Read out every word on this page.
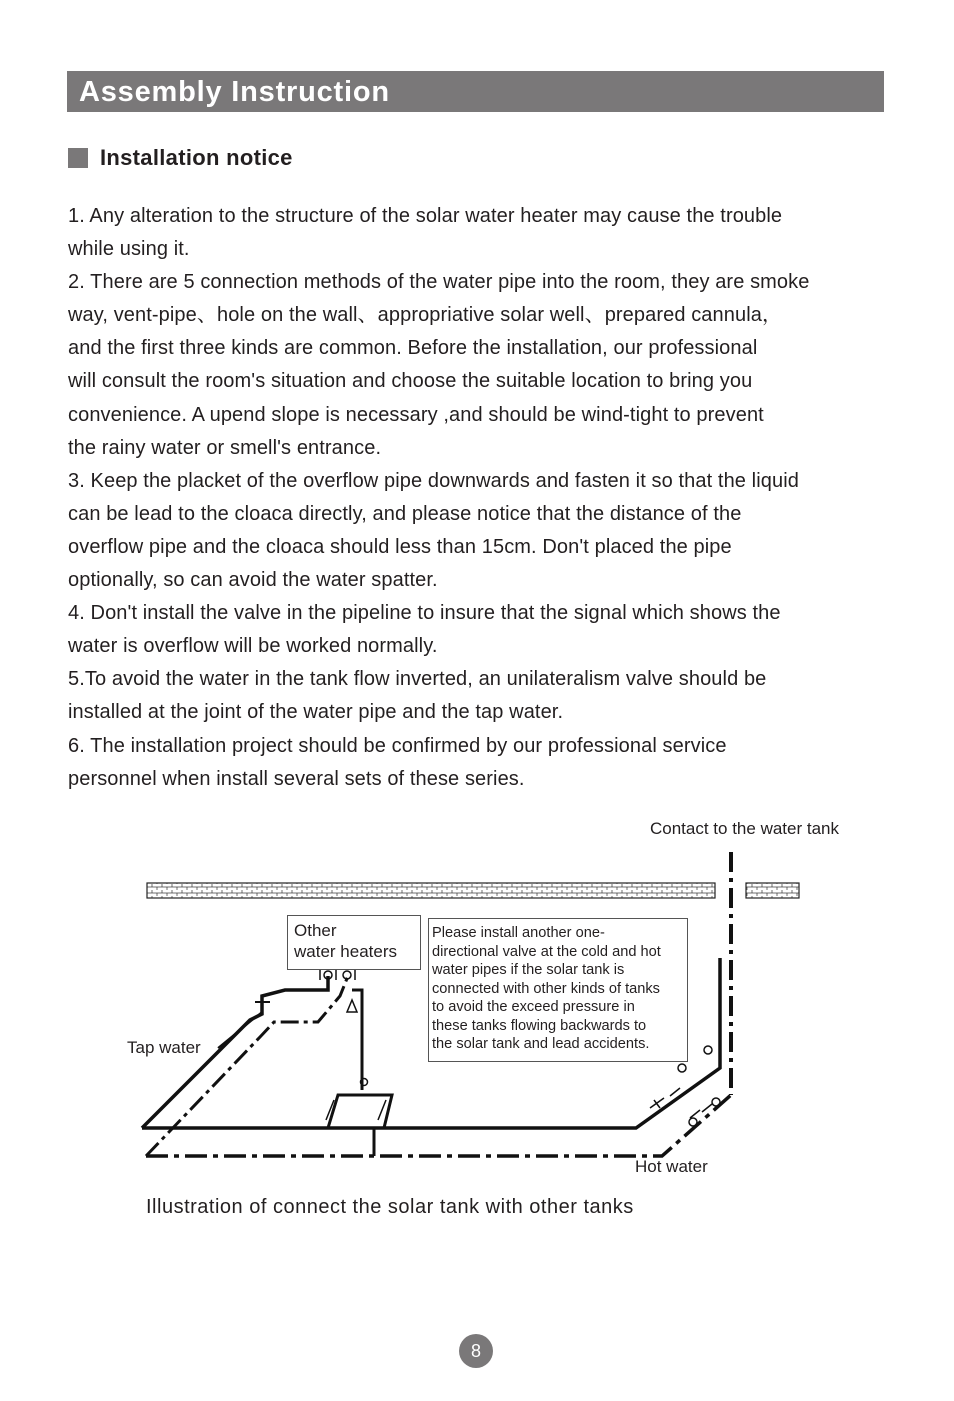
Assembly Instruction
Installation notice
1. Any alteration to the structure of the solar water heater may cause the trouble
while using it.
2. There are 5 connection methods of the water pipe into the room, they are smoke
way, vent-pipe、hole on the wall、appropriative solar well、prepared cannula，
and the first three kinds are common. Before the installation, our professional
will consult the room's situation and choose the suitable location to bring you
convenience. A upend slope is necessary ,and should be wind-tight to prevent
the rainy water or smell's entrance.
3. Keep the placket of the overflow pipe downwards and fasten it so that the liquid
can be lead to the cloaca directly, and please notice that the distance of the
overflow pipe and the cloaca should less than 15cm. Don't placed the pipe
optionally, so can avoid the water spatter.
4. Don't install the valve in the pipeline to insure that the signal which shows the
water is overflow will be worked normally.
5.To avoid the water in the tank flow inverted, an unilateralism valve should be
installed at the joint of the water pipe and the tap water.
6. The installation project should be confirmed by our professional service
personnel when install several sets of these series.
Contact to the water tank
Other
water heaters
Please install another one-
directional valve at the cold and hot
water pipes if the solar tank is
connected with other kinds of tanks
to avoid the exceed pressure in
these tanks flowing backwards to
the solar tank and lead accidents.
Tap water
Hot water
Illustration of connect the solar tank with other tanks
8
